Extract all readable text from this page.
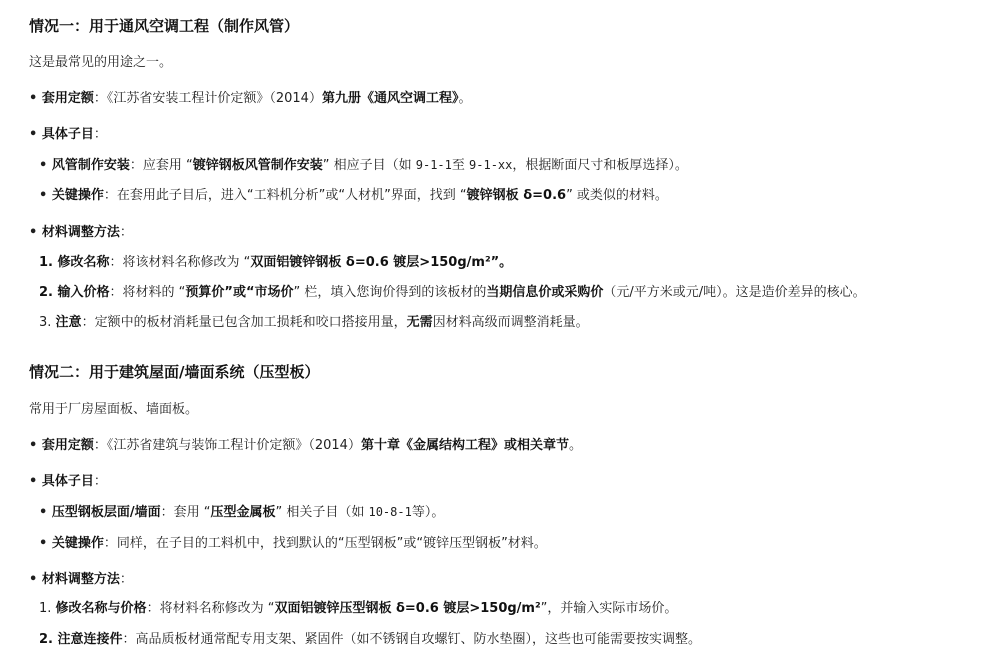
情况一：用于通风空调工程（制作风管）
这是最常见的用途之一。
• 套用定额：《江苏省安装工程计价定额》（2014）第九册《通风空调工程》。
• 具体子目：
• 风管制作安装：应套用 “镀锌钢板风管制作安装” 相应子目（如 9-1-1至 9-1-xx，根据断面尺寸和板厚选择）。
• 关键操作：在套用此子目后，进入“工料机分析”或“人材机”界面，找到 “镀锌钢板 δ=0.6” 或类似的材料。
• 材料调整方法：
1. 修改名称：将该材料名称修改为 “双面铝镀锌钢板 δ=0.6 镀层>150g/m²”。
2. 输入价格：将材料的 “预算价”或“市场价” 栏，填入您询价得到的该板材的当期信息价或采购价（元/平方米或元/吨）。这是造价差异的核心。
3. 注意：定额中的板材消耗量已包含加工损耗和咬口搭接用量，无需因材料高级而调整消耗量。
情况二：用于建筑屋面/墙面系统（压型板）
常用于厂房屋面板、墙面板。
• 套用定额：《江苏省建筑与装饰工程计价定额》（2014）第十章《金属结构工程》或相关章节。
• 具体子目：
• 压型钢板层面/墙面：套用 “压型金属板” 相关子目（如 10-8-1等）。
• 关键操作：同样，在子目的工料机中，找到默认的“压型钢板”或“镀锌压型钢板”材料。
• 材料调整方法：
1. 修改名称与价格：将材料名称修改为 “双面铝镀锌压型钢板 δ=0.6 镀层>150g/m²”，并输入实际市场价。
2. 注意连接件：高品质板材通常配专用支架、紧固件（如不锈钢自攻螺钉、防水垫圈），这些也可能需要按实调整。
